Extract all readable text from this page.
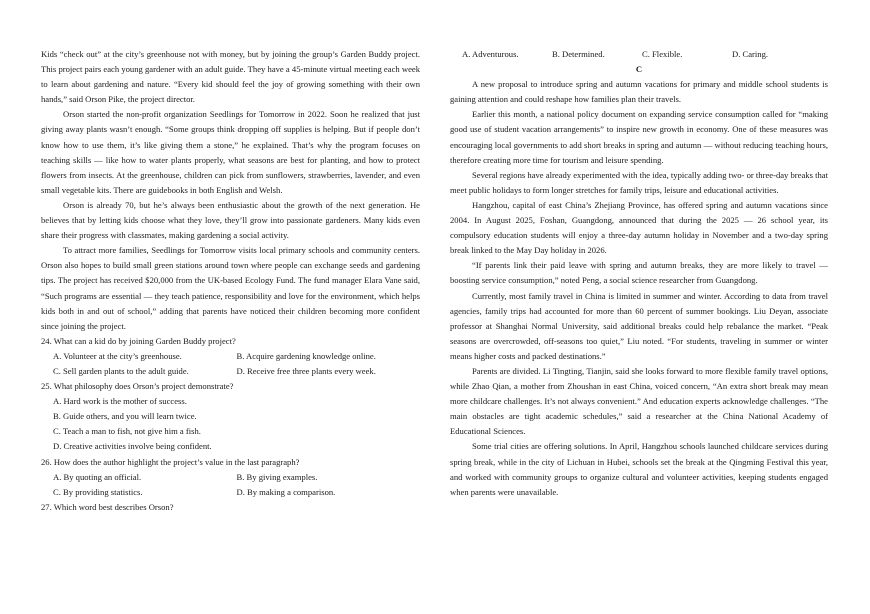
Kids “check out” at the city’s greenhouse not with money, but by joining the group’s Garden Buddy project. This project pairs each young gardener with an adult guide. They have a 45-minute virtual meeting each week to learn about gardening and nature. “Every kid should feel the joy of growing something with their own hands,” said Orson Pike, the project director.

Orson started the non-profit organization Seedlings for Tomorrow in 2022. Soon he realized that just giving away plants wasn’t enough. “Some groups think dropping off supplies is helping. But if people don’t know how to use them, it’s like giving them a stone,” he explained. That’s why the program focuses on teaching skills — like how to water plants properly, what seasons are best for planting, and how to protect flowers from insects. At the greenhouse, children can pick from sunflowers, strawberries, lavender, and even small vegetable kits. There are guidebooks in both English and Welsh.

Orson is already 70, but he’s always been enthusiastic about the growth of the next generation. He believes that by letting kids choose what they love, they’ll grow into passionate gardeners. Many kids even share their progress with classmates, making gardening a social activity.

To attract more families, Seedlings for Tomorrow visits local primary schools and community centers. Orson also hopes to build small green stations around town where people can exchange seeds and gardening tips. The project has received $20,000 from the UK-based Ecology Fund. The fund manager Elara Vane said, “Such programs are essential — they teach patience, responsibility and love for the environment, which helps kids both in and out of school,” adding that parents have noticed their children becoming more confident since joining the project.

24. What can a kid do by joining Garden Buddy project?

A. Volunteer at the city’s greenhouse.	B. Acquire gardening knowledge online.
C. Sell garden plants to the adult guide.	D. Receive free three plants every week.

25. What philosophy does Orson’s project demonstrate?

A. Hard work is the mother of success.

B. Guide others, and you will learn twice.

C. Teach a man to fish, not give him a fish.

D. Creative activities involve being confident.

26. How does the author highlight the project’s value in the last paragraph?

A. By quoting an official.	B. By giving examples.
C. By providing statistics.	D. By making a comparison.

27. Which word best describes Orson?

A. Adventurous.	B. Determined.	C. Flexible.	D. Caring.

C

A new proposal to introduce spring and autumn vacations for primary and middle school students is gaining attention and could reshape how families plan their travels.

Earlier this month, a national policy document on expanding service consumption called for “making good use of student vacation arrangements” to inspire new growth in economy. One of these measures was encouraging local governments to add short breaks in spring and autumn — without reducing teaching hours, therefore creating more time for tourism and leisure spending.

Several regions have already experimented with the idea, typically adding two- or three-day breaks that meet public holidays to form longer stretches for family trips, leisure and educational activities.

Hangzhou, capital of east China’s Zhejiang Province, has offered spring and autumn vacations since 2004. In August 2025, Foshan, Guangdong, announced that during the 2025 — 26 school year, its compulsory education students will enjoy a three-day autumn holiday in November and a two-day spring break linked to the May Day holiday in 2026.

“If parents link their paid leave with spring and autumn breaks, they are more likely to travel — boosting service consumption,” noted Peng, a social science researcher from Guangdong.

Currently, most family travel in China is limited in summer and winter. According to data from travel agencies, family trips had accounted for more than 60 percent of summer bookings. Liu Deyan, associate professor at Shanghai Normal University, said additional breaks could help rebalance the market. “Peak seasons are overcrowded, off-seasons too quiet,” Liu noted. “For students, traveling in summer or winter means higher costs and packed destinations.”

Parents are divided. Li Tingting, Tianjin, said she looks forward to more flexible family travel options, while Zhao Qian, a mother from Zhoushan in east China, voiced concern, “An extra short break may mean more childcare challenges. It’s not always convenient.” And education experts acknowledge challenges. “The main obstacles are tight academic schedules,” said a researcher at the China National Academy of Educational Sciences.

Some trial cities are offering solutions. In April, Hangzhou schools launched childcare services during spring break, while in the city of Lichuan in Hubei, schools set the break at the Qingming Festival this year, and worked with community groups to organize cultural and volunteer activities, keeping students engaged when parents were unavailable.
